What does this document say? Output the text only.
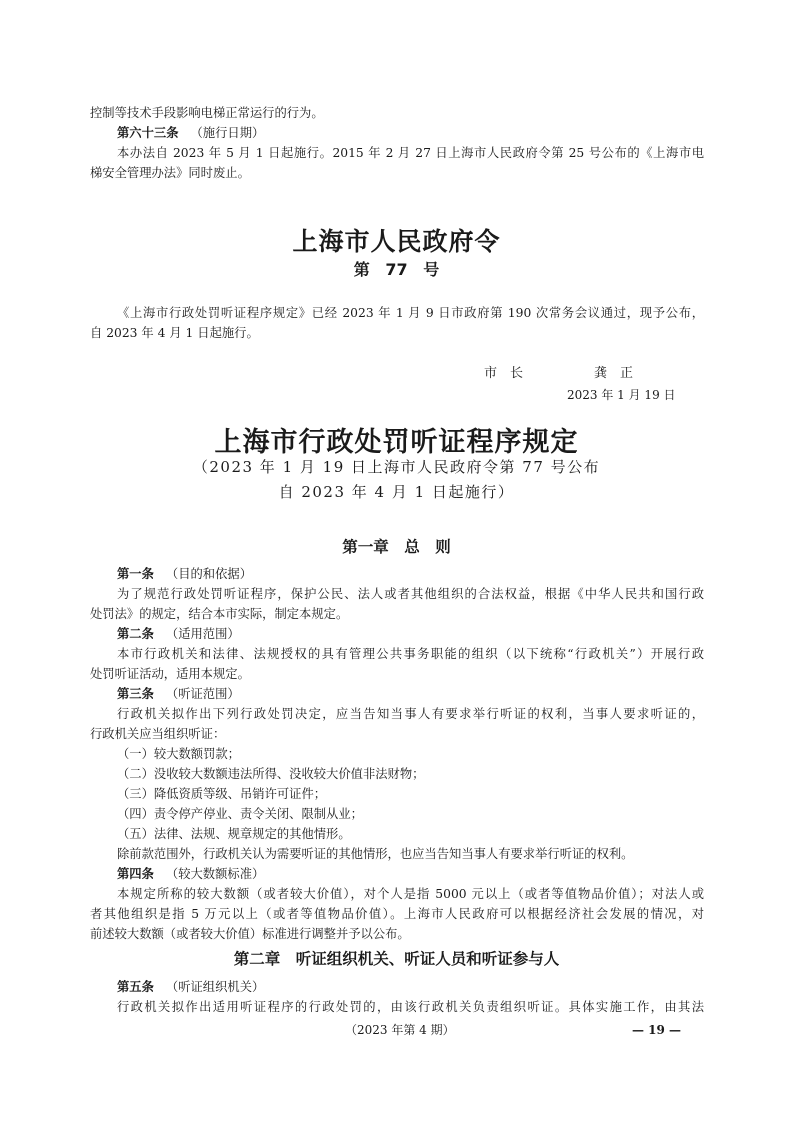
控制等技术手段影响电梯正常运行的行为。
第六十三条 （施行日期）
本办法自 2023 年 5 月 1 日起施行。2015 年 2 月 27 日上海市人民政府令第 25 号公布的《上海市电
梯安全管理办法》同时废止。
上海市人民政府令
第 77 号
《上海市行政处罚听证程序规定》已经 2023 年 1 月 9 日市政府第 190 次常务会议通过，现予公布，
自 2023 年 4 月 1 日起施行。
市　长	龚　正
2023 年 1 月 19 日
上海市行政处罚听证程序规定
（2023 年 1 月 19 日上海市人民政府令第 77 号公布
自 2023 年 4 月 1 日起施行）
第一章　总　则
第一条 （目的和依据）
为了规范行政处罚听证程序，保护公民、法人或者其他组织的合法权益，根据《中华人民共和国行政
处罚法》的规定，结合本市实际，制定本规定。
第二条 （适用范围）
本市行政机关和法律、法规授权的具有管理公共事务职能的组织（以下统称“行政机关”）开展行政
处罚听证活动，适用本规定。
第三条 （听证范围）
行政机关拟作出下列行政处罚决定，应当告知当事人有要求举行听证的权利，当事人要求听证的，
行政机关应当组织听证：
（一）较大数额罚款；
（二）没收较大数额违法所得、没收较大价值非法财物；
（三）降低资质等级、吊销许可证件；
（四）责令停产停业、责令关闭、限制从业；
（五）法律、法规、规章规定的其他情形。
除前款范围外，行政机关认为需要听证的其他情形，也应当告知当事人有要求举行听证的权利。
第四条 （较大数额标准）
本规定所称的较大数额（或者较大价值），对个人是指 5000 元以上（或者等值物品价值）；对法人或
者其他组织是指 5 万元以上（或者等值物品价值）。上海市人民政府可以根据经济社会发展的情况，对
前述较大数额（或者较大价值）标准进行调整并予以公布。
第二章　听证组织机关、听证人员和听证参与人
第五条 （听证组织机关）
行政机关拟作出适用听证程序的行政处罚的，由该行政机关负责组织听证。具体实施工作，由其法
（2023 年第 4 期）	— 19 —
